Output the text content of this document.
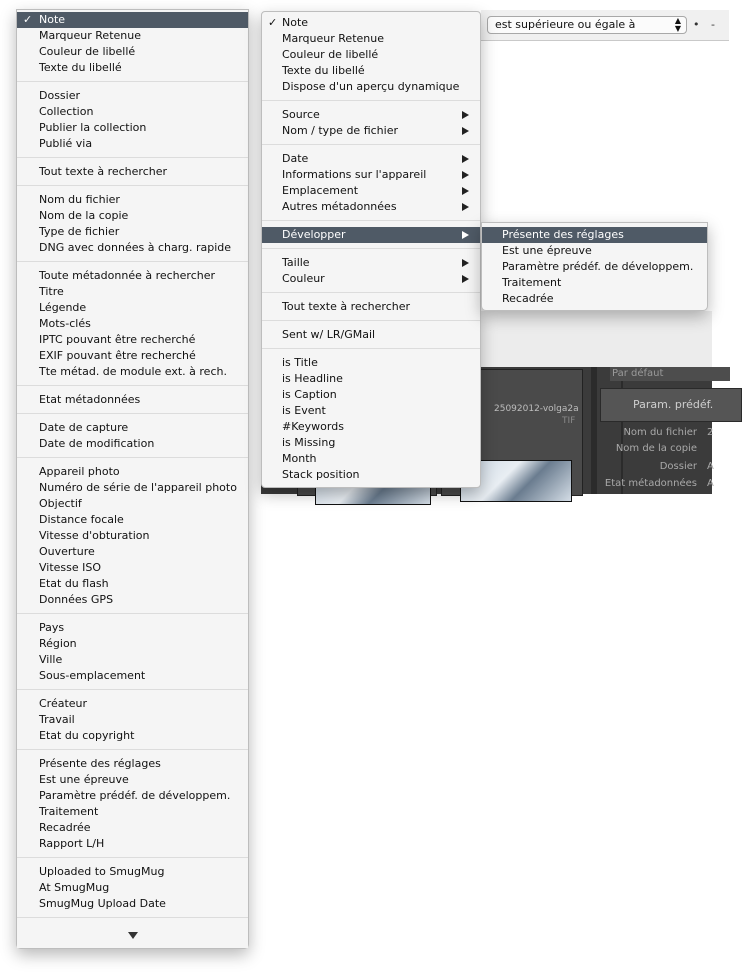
est supérieure ou égale à	▲
▼ • -
25092012-volga2a
TIF
Par défaut
Param. prédéf.
Nom du fichier
Nom de la copie
Dossier
Etat métadonnées
2
A
A
✓ Note
Marqueur Retenue
Couleur de libellé
Texte du libellé
Dossier
Collection
Publier la collection
Publié via
Tout texte à rechercher
Nom du fichier
Nom de la copie
Type de fichier
DNG avec données à charg. rapide
Toute métadonnée à rechercher
Titre
Légende
Mots-clés
IPTC pouvant être recherché
EXIF pouvant être recherché
Tte métad. de module ext. à rech.
Etat métadonnées
Date de capture
Date de modification
Appareil photo
Numéro de série de l'appareil photo
Objectif
Distance focale
Vitesse d'obturation
Ouverture
Vitesse ISO
Etat du flash
Données GPS
Pays
Région
Ville
Sous-emplacement
Créateur
Travail
Etat du copyright
Présente des réglages
Est une épreuve
Paramètre prédéf. de développem.
Traitement
Recadrée
Rapport L/H
Uploaded to SmugMug
At SmugMug
SmugMug Upload Date
✓ Note
Marqueur Retenue
Couleur de libellé
Texte du libellé
Dispose d'un aperçu dynamique
Source
Nom / type de fichier
Date
Informations sur l'appareil
Emplacement
Autres métadonnées
Développer
Taille
Couleur
Tout texte à rechercher
Sent w/ LR/GMail
is Title
is Headline
is Caption
is Event
#Keywords
is Missing
Month
Stack position
Présente des réglages
Est une épreuve
Paramètre prédéf. de développem.
Traitement
Recadrée
